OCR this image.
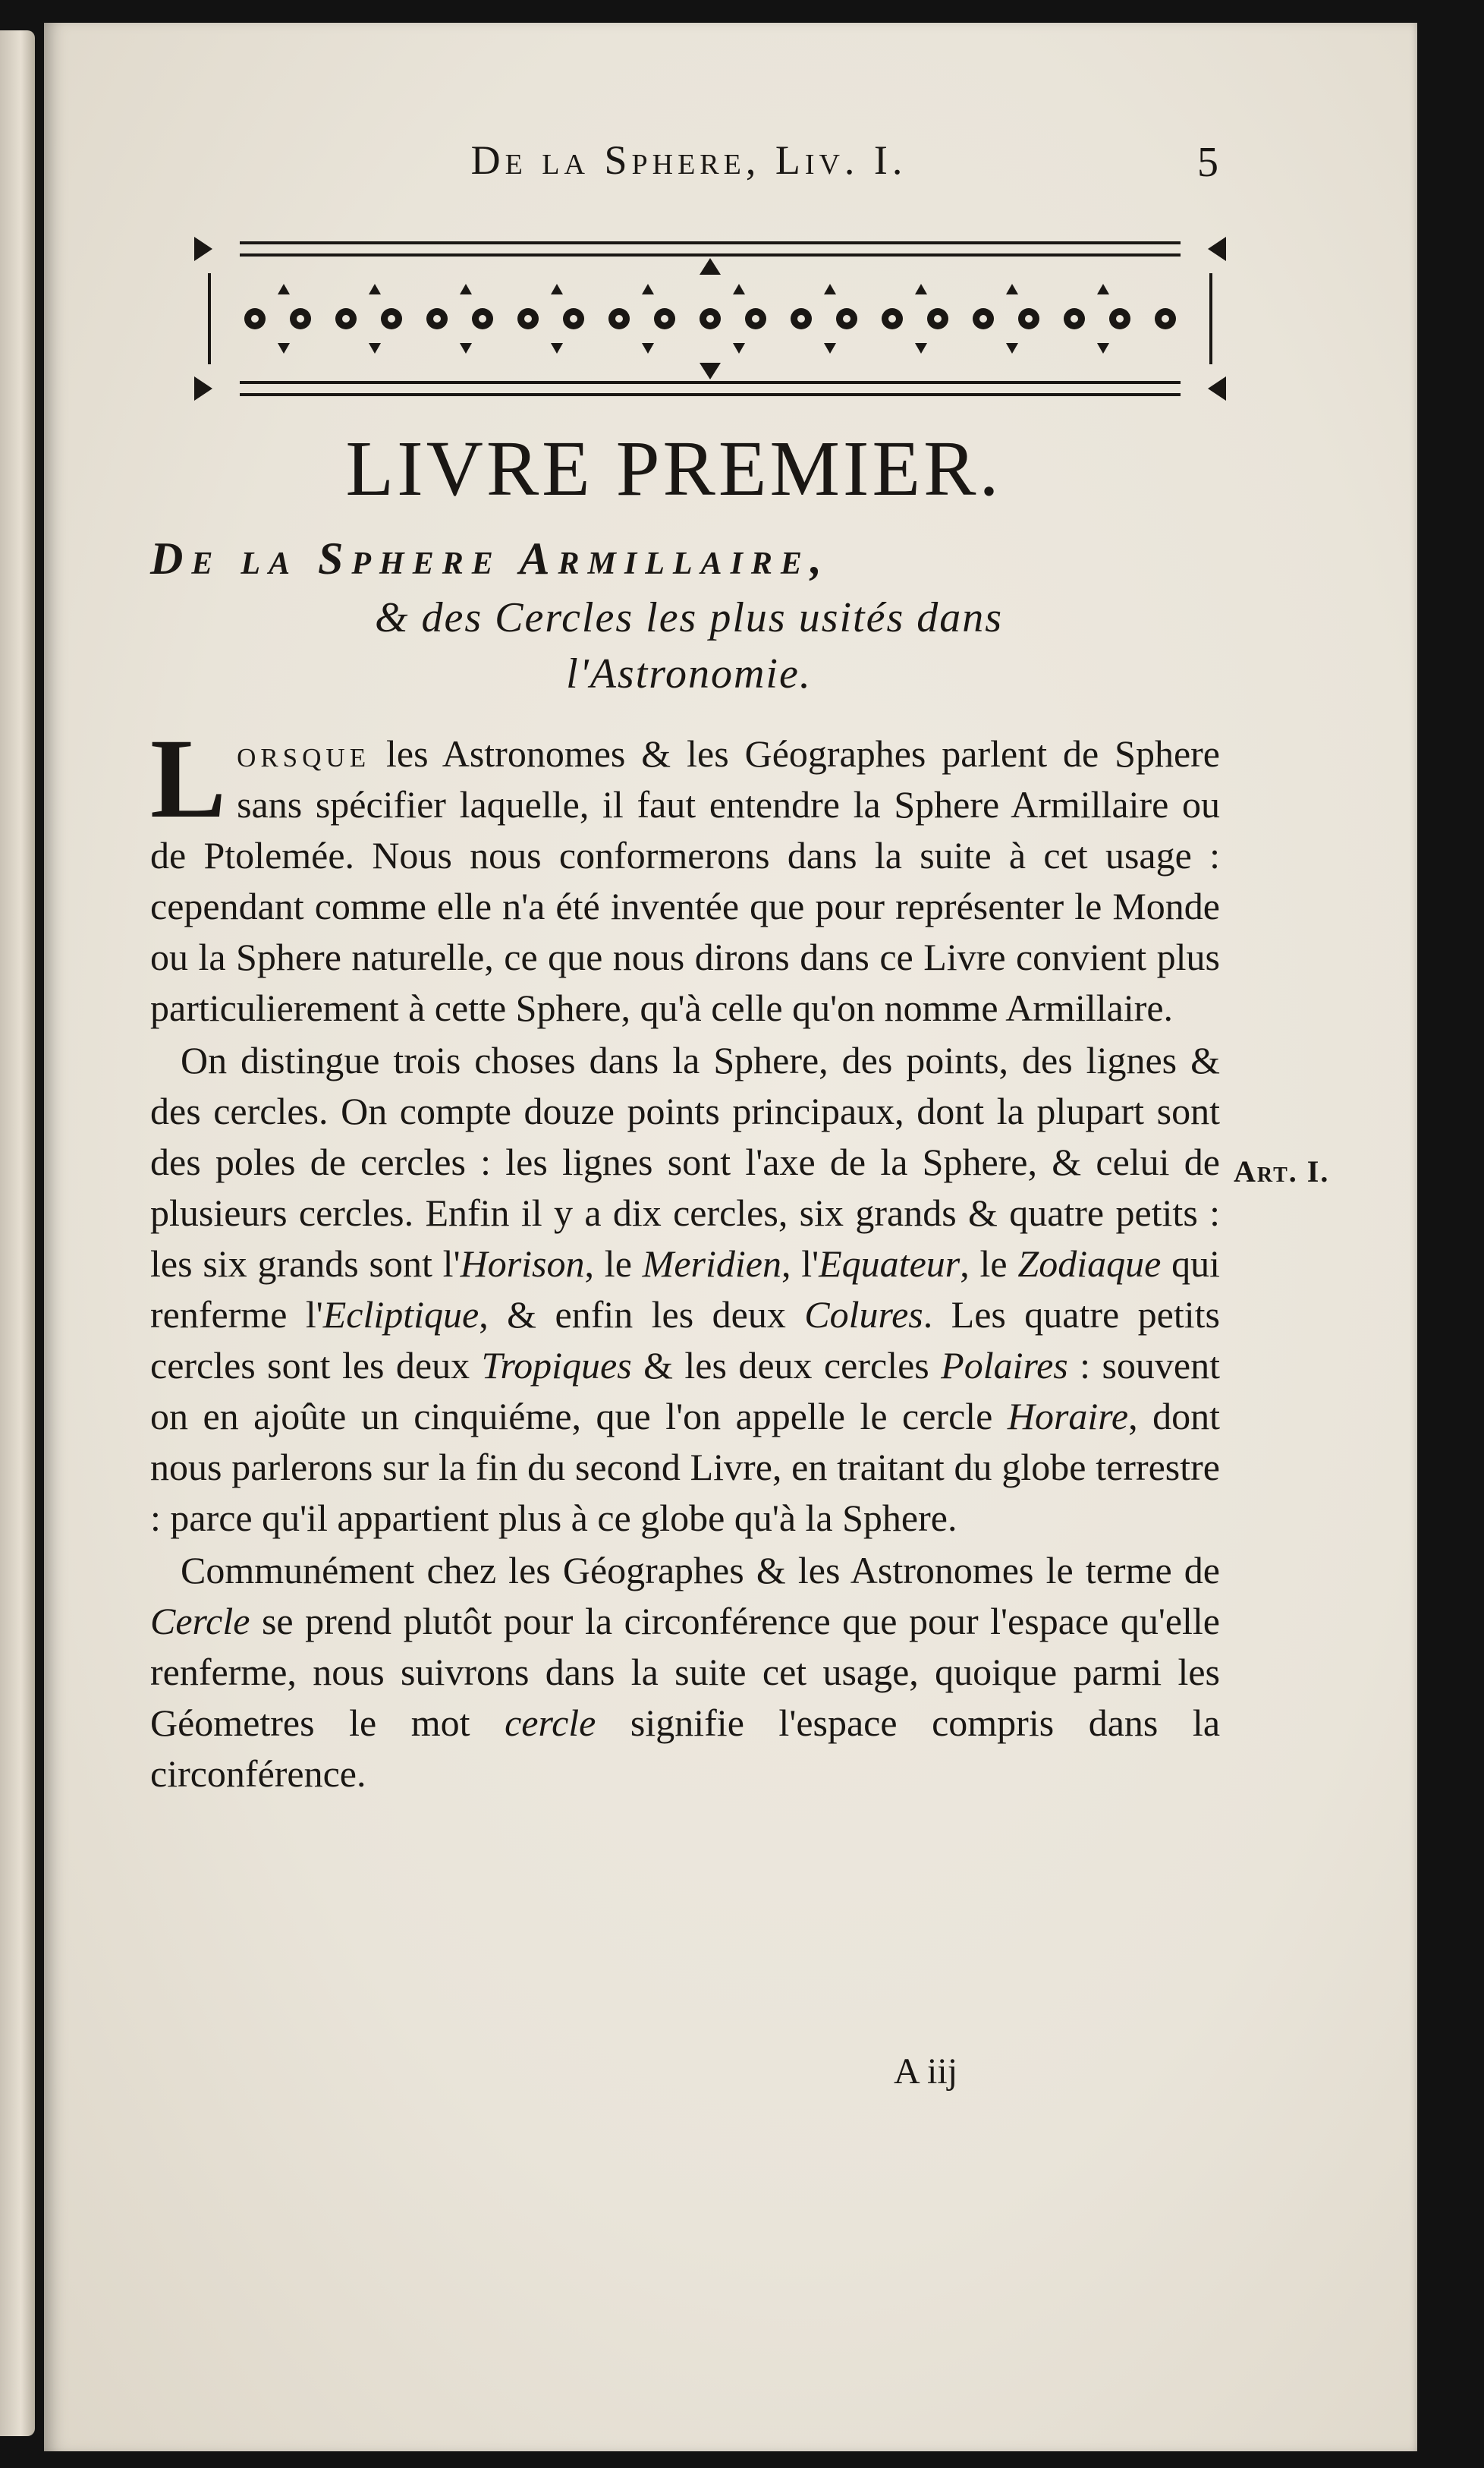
De la Sphere, Liv. I.	5
LIVRE PREMIER.
De la Sphere Armillaire,
& des Cercles les plus usités dans
l'Astronomie.

Lorsque les Astronomes & les Géographes parlent de Sphere sans spécifier laquelle, il faut entendre la Sphere Armillaire ou de Ptolemée. Nous nous conformerons dans la suite à cet usage : cependant comme elle n'a été inventée que pour représenter le Monde ou la Sphere naturelle, ce que nous dirons dans ce Livre convient plus particulierement à cette Sphere, qu'à celle qu'on nomme Armillaire.

On distingue trois choses dans la Sphere, des points, des lignes & des cercles. On compte douze points principaux, dont la plupart sont des poles de cercles : les lignes sont l'axe de la Sphere, & celui de plusieurs cercles. Enfin il y a dix cercles, six grands & quatre petits : les six grands sont l'Horison, le Meridien, l'Equateur, le Zodiaque qui renferme l'Ecliptique, & enfin les deux Colures. Les quatre petits cercles sont les deux Tropiques & les deux cercles Polaires : souvent on en ajoûte un cinquiéme, que l'on appelle le cercle Horaire, dont nous parlerons sur la fin du second Livre, en traitant du globe terrestre : parce qu'il appartient plus à ce globe qu'à la Sphere.

Communément chez les Géographes & les Astronomes le terme de Cercle se prend plutôt pour la circonférence que pour l'espace qu'elle renferme, nous suivrons dans la suite cet usage, quoique parmi les Géometres le mot cercle signifie l'espace compris dans la circonférence.

Art. I.
A iij
